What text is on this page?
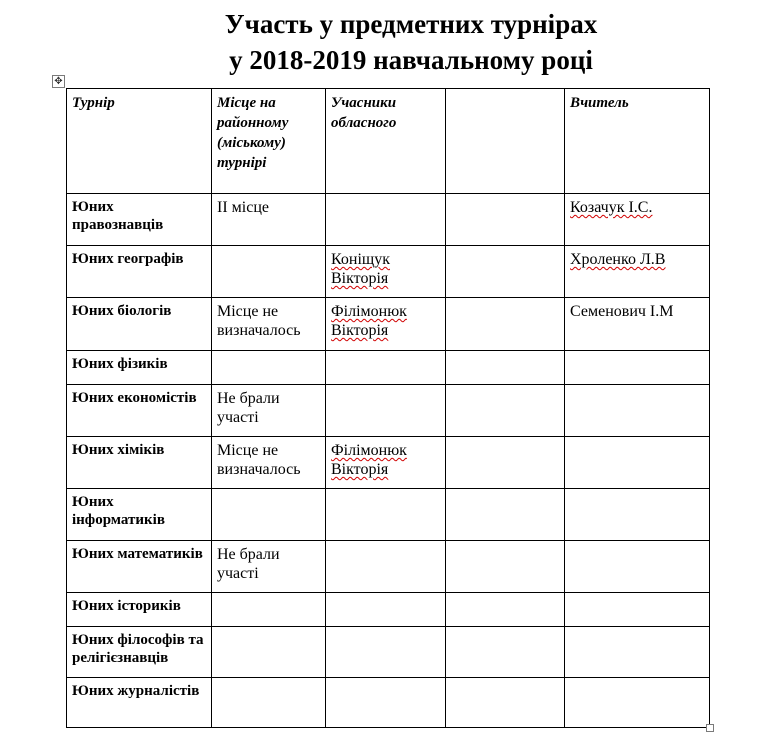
Участь у предметних турнірах
у 2018-2019 навчальному році
✥
Турнір	Місце на районному (міському) турнірі	Учасники обласного		Вчитель
Юних правознавців	ІІ місце			Козачук І.С.
Юних географів		Коніщук Вікторія		Хроленко Л.В
Юних біологів	Місце не визначалось	Філімонюк Вікторія		Семенович І.М
Юних фізиків				
Юних економістів	Не брали участі			
Юних хіміків	Місце не визначалось	Філімонюк Вікторія		
Юних інформатиків				
Юних математиків	Не брали участі			
Юних істориків				
Юних філософів та релігієзнавців				
Юних журналістів				
